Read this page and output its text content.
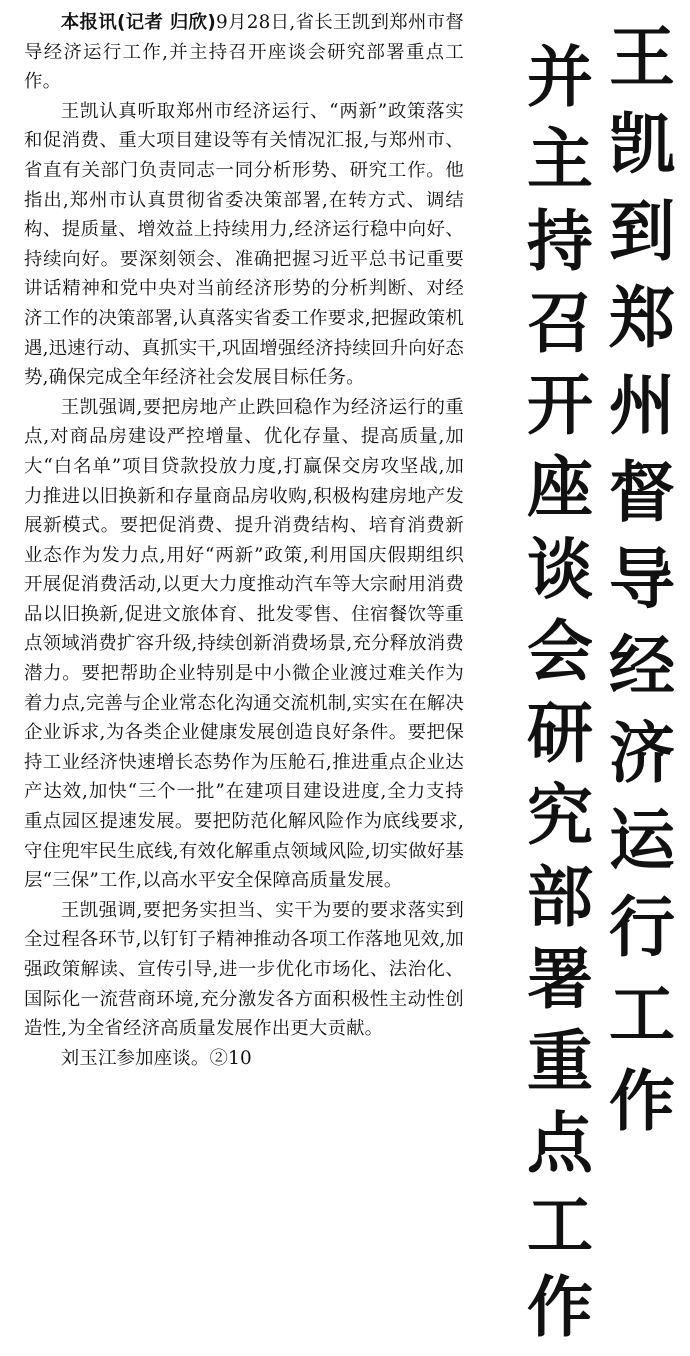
本报讯(记者 归欣)9月28日,省长王凯到郑州市督导经济运行工作,并主持召开座谈会研究部署重点工作。

王凯认真听取郑州市经济运行、“两新”政策落实和促消费、重大项目建设等有关情况汇报,与郑州市、省直有关部门负责同志一同分析形势、研究工作。他指出,郑州市认真贯彻省委决策部署,在转方式、调结构、提质量、增效益上持续用力,经济运行稳中向好、持续向好。要深刻领会、准确把握习近平总书记重要讲话精神和党中央对当前经济形势的分析判断、对经济工作的决策部署,认真落实省委工作要求,把握政策机遇,迅速行动、真抓实干,巩固增强经济持续回升向好态势,确保完成全年经济社会发展目标任务。

王凯强调,要把房地产止跌回稳作为经济运行的重点,对商品房建设严控增量、优化存量、提高质量,加大“白名单”项目贷款投放力度,打赢保交房攻坚战,加力推进以旧换新和存量商品房收购,积极构建房地产发展新模式。要把促消费、提升消费结构、培育消费新业态作为发力点,用好“两新”政策,利用国庆假期组织开展促消费活动,以更大力度推动汽车等大宗耐用消费品以旧换新,促进文旅体育、批发零售、住宿餐饮等重点领域消费扩容升级,持续创新消费场景,充分释放消费潜力。要把帮助企业特别是中小微企业渡过难关作为着力点,完善与企业常态化沟通交流机制,实实在在解决企业诉求,为各类企业健康发展创造良好条件。要把保持工业经济快速增长态势作为压舱石,推进重点企业达产达效,加快“三个一批”在建项目建设进度,全力支持重点园区提速发展。要把防范化解风险作为底线要求,守住兜牢民生底线,有效化解重点领域风险,切实做好基层“三保”工作,以高水平安全保障高质量发展。

王凯强调,要把务实担当、实干为要的要求落实到全过程各环节,以钉钉子精神推动各项工作落地见效,加强政策解读、宣传引导,进一步优化市场化、法治化、国际化一流营商环境,充分激发各方面积极性主动性创造性,为全省经济高质量发展作出更大贡献。

刘玉江参加座谈。②10

王
凯
到
郑
州
督
导
经
济
运
行
工
作
并
主
持
召
开
座
谈
会
研
究
部
署
重
点
工
作
